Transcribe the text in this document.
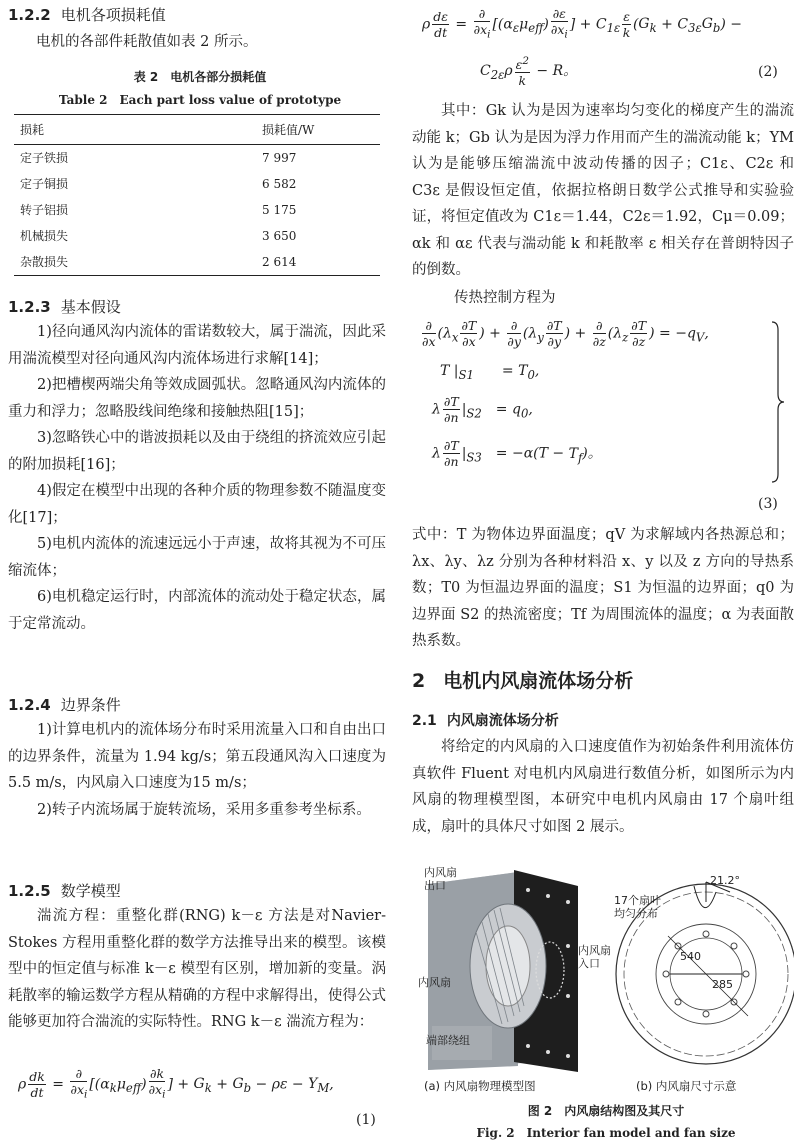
1.2.2 电机各项损耗值

电机的各部件耗散值如表 2 所示。

表 2　电机各部分损耗值
Table 2　Each part loss value of prototype
损耗	损耗值/W
定子铁损	7 997
定子铜损	6 582
转子铝损	5 175
机械损失	3 650
杂散损失	2 614
1.2.3 基本假设

1)径向通风沟内流体的雷诺数较大，属于湍流，因此采用湍流模型对径向通风沟内流体场进行求解[14]；

2)把槽楔两端尖角等效成圆弧状。忽略通风沟内流体的重力和浮力；忽略股线间绝缘和接触热阻[15]；

3)忽略铁心中的谐波损耗以及由于绕组的挤流效应引起的附加损耗[16]；

4)假定在模型中出现的各种介质的物理参数不随温度变化[17]；

5)电机内流体的流速远远小于声速，故将其视为不可压缩流体；

6)电机稳定运行时，内部流体的流动处于稳定状态，属于定常流动。

1.2.4 边界条件

1)计算电机内的流体场分布时采用流量入口和自由出口的边界条件，流量为 1.94 kg/s；第五段通风沟入口速度为 5.5 m/s，内风扇入口速度为15 m/s；

2)转子内流场属于旋转流场，采用多重参考坐标系。

1.2.5 数学模型

湍流方程：重整化群(RNG) k－ε 方法是对Navier-Stokes 方程用重整化群的数学方法推导出来的模型。该模型中的恒定值与标准 k－ε 模型有区别，增加新的变量。涡耗散率的输运数学方程从精确的方程中求解得出，使得公式能够更加符合湍流的实际特性。RNG k－ε 湍流方程为：

ρ $\frac{dk}{dt} = \frac{\partial}{\partial x_i} [(\alpha_k\mu_{eff}) \frac{\partial k}{\partial x_i}$ ] + $G_k + G_b - \rho\varepsilon - Y_M$,
(1)
ρ $\frac{d\varepsilon}{dt} = \frac{\partial}{\partial x_i} [(\alpha_\varepsilon\mu_{eff}) \frac{\partial\varepsilon}{\partial x_i}$ ] + $C_{1\varepsilon} \frac{\varepsilon}{k} (G_k + C_{3\varepsilon}G_b)$ −
$C_{2\varepsilon}\rho \frac{\varepsilon^2}{k} - R$。	(2)

其中：Gk 认为是因为速率均匀变化的梯度产生的湍流动能 k；Gb 认为是因为浮力作用而产生的湍流动能 k；YM 认为是能够压缩湍流中波动传播的因子；C1ε、C2ε 和 C3ε 是假设恒定值，依据拉格朗日数学公式推导和实验验证，将恒定值改为 C1ε＝1.44，C2ε＝1.92，Cμ＝0.09；αk 和 αε 代表与湍动能 k 和耗散率 ε 相关存在普朗特因子的倒数。

传热控制方程为

$\frac{\partial}{\partial x} (\lambda_x \frac{\partial T}{\partial x}$ ) + $\frac{\partial}{\partial y} (\lambda_y \frac{\partial T}{\partial y}$ ) + $\frac{\partial}{\partial z} (\lambda_z \frac{\partial T}{\partial z}$ ) = $-q_V$,
T $|_{S1}$　　= $T_0$,
λ $\frac{\partial T}{\partial n} |_{S2}$　= $q_0$,
λ $\frac{\partial T}{\partial n} |_{S3}$　= $-\alpha(T - T_f)$。
(3)

式中：T 为物体边界面温度；qV 为求解域内各热源总和；λx、λy、λz 分别为各种材料沿 x、y 以及 z 方向的导热系数；T0 为恒温边界面的温度；S1 为恒温的边界面；q0 为边界面 S2 的热流密度；Tf 为周围流体的温度；α 为表面散热系数。

2 电机内风扇流体场分析
2.1 内风扇流体场分析

将给定的内风扇的入口速度值作为初始条件利用流体仿真软件 Fluent 对电机内风扇进行数值分析，如图所示为内风扇的物理模型图，本研究中电机内风扇由 17 个扇叶组成，扇叶的具体尺寸如图 2 展示。

内风扇
出口
内风扇
内风扇
入口
端部绕组
17个扇叶
均匀分布
21.2°
540
285
(a) 内风扇物理模型图	(b) 内风扇尺寸示意
图 2　内风扇结构图及其尺寸
Fig. 2　Interior fan model and fan size
